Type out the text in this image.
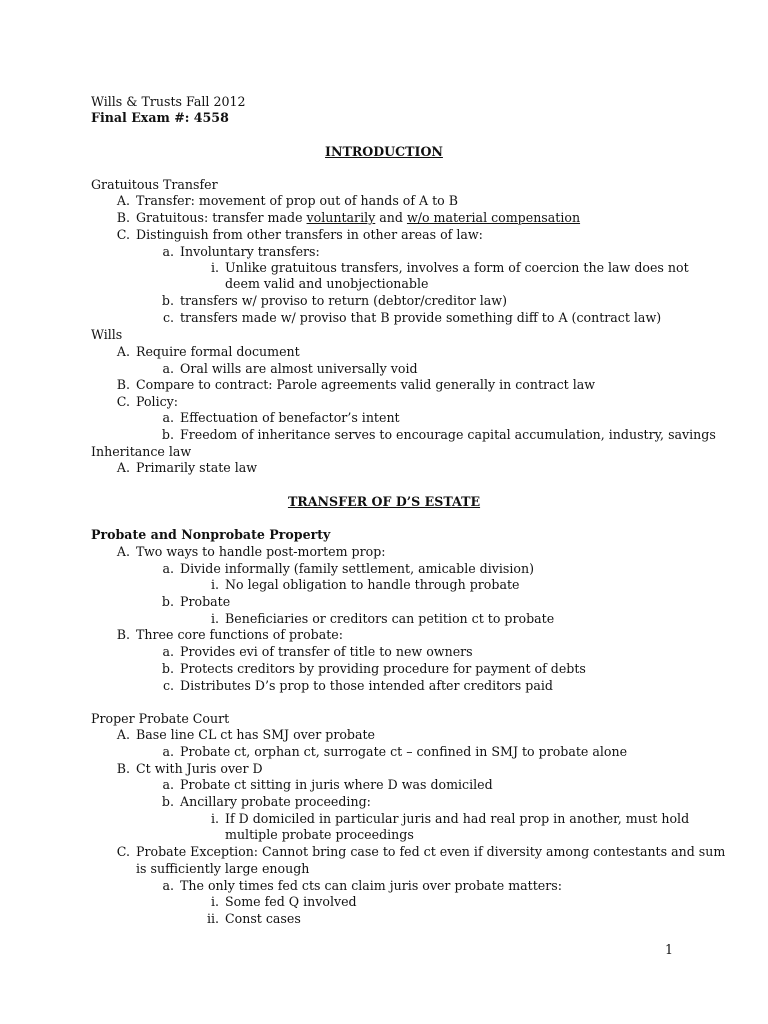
Wills & Trusts Fall 2012
Final Exam #: 4558
INTRODUCTION
Gratuitous Transfer
A. Transfer: movement of prop out of hands of A to B
B. Gratuitous: transfer made voluntarily and w/o material compensation
C. Distinguish from other transfers in other areas of law:
a. Involuntary transfers:
i. Unlike gratuitous transfers, involves a form of coercion the law does not
deem valid and unobjectionable
b. transfers w/ proviso to return (debtor/creditor law)
c. transfers made w/ proviso that B provide something diff to A (contract law)
Wills
A. Require formal document
a. Oral wills are almost universally void
B. Compare to contract: Parole agreements valid generally in contract law
C. Policy:
a. Effectuation of benefactor’s intent
b. Freedom of inheritance serves to encourage capital accumulation, industry, savings
Inheritance law
A. Primarily state law
TRANSFER OF D’S ESTATE
Probate and Nonprobate Property
A. Two ways to handle post-mortem prop:
a. Divide informally (family settlement, amicable division)
i. No legal obligation to handle through probate
b. Probate
i. Beneficiaries or creditors can petition ct to probate
B. Three core functions of probate:
a. Provides evi of transfer of title to new owners
b. Protects creditors by providing procedure for payment of debts
c. Distributes D’s prop to those intended after creditors paid
Proper Probate Court
A. Base line CL ct has SMJ over probate
a. Probate ct, orphan ct, surrogate ct – confined in SMJ to probate alone
B. Ct with Juris over D
a. Probate ct sitting in juris where D was domiciled
b. Ancillary probate proceeding:
i. If D domiciled in particular juris and had real prop in another, must hold
multiple probate proceedings
C. Probate Exception: Cannot bring case to fed ct even if diversity among contestants and sum
is sufficiently large enough
a. The only times fed cts can claim juris over probate matters:
i. Some fed Q involved
ii. Const cases
1
